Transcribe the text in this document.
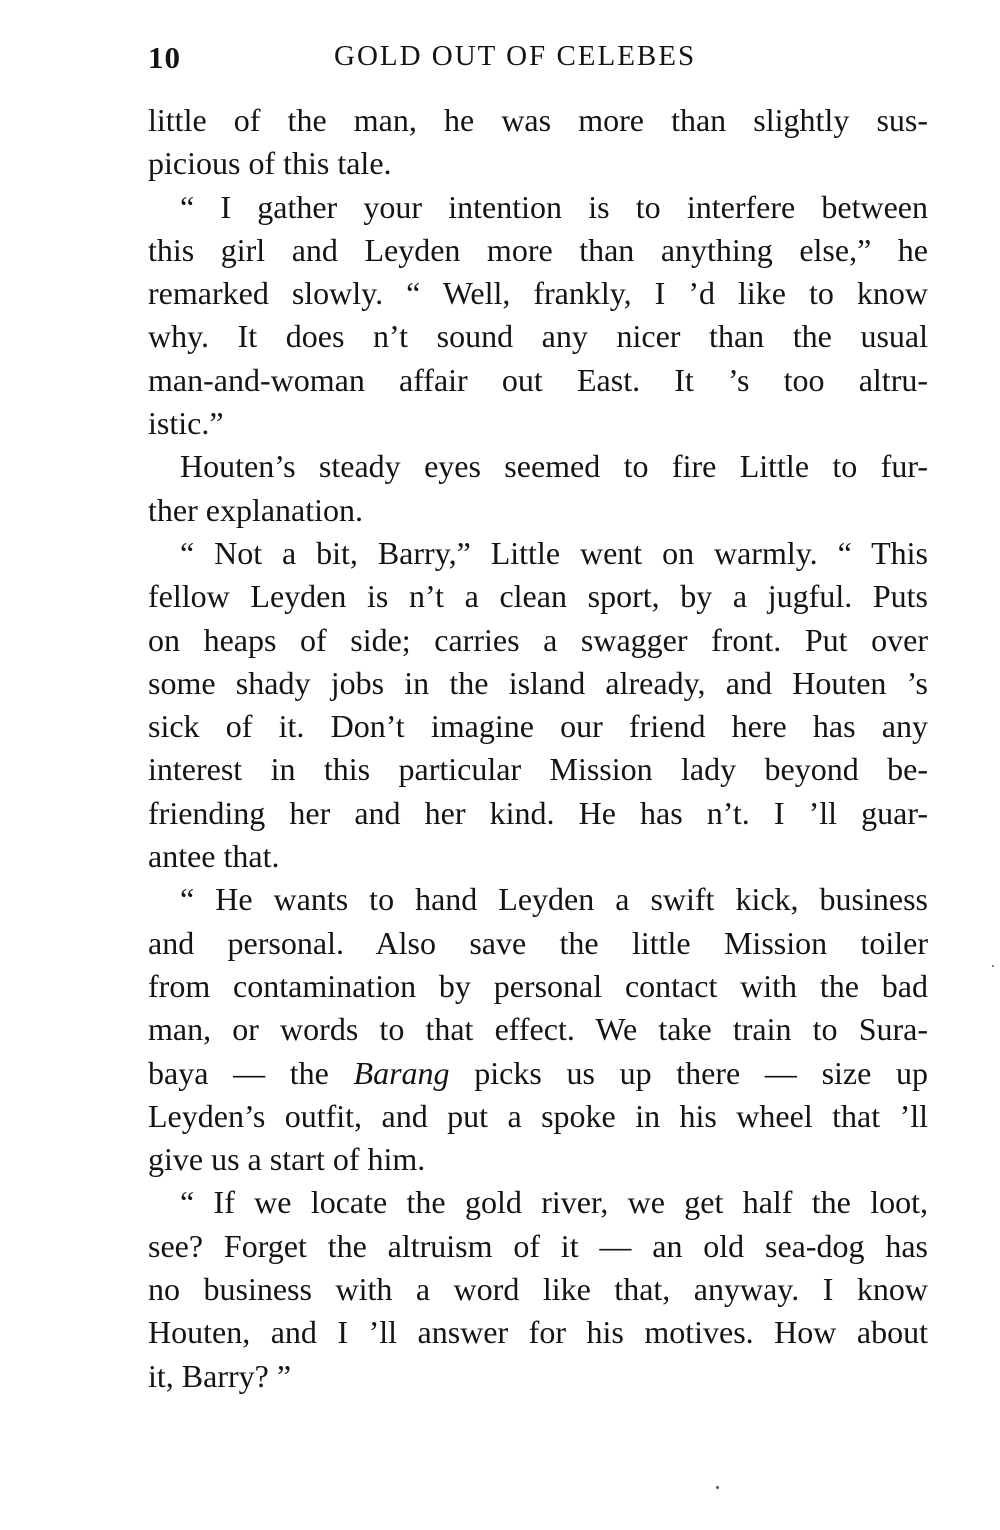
10	GOLD OUT OF CELEBES
little of the man, he was more than slightly sus-
picious of this tale.
“ I gather your intention is to interfere between
this girl and Leyden more than anything else,” he
remarked slowly. “ Well, frankly, I ’d like to know
why. It does n’t sound any nicer than the usual
man-and-woman affair out East. It ’s too altru-
istic.”
Houten’s steady eyes seemed to fire Little to fur-
ther explanation.
“ Not a bit, Barry,” Little went on warmly. “ This
fellow Leyden is n’t a clean sport, by a jugful. Puts
on heaps of side; carries a swagger front. Put over
some shady jobs in the island already, and Houten ’s
sick of it. Don’t imagine our friend here has any
interest in this particular Mission lady beyond be-
friending her and her kind. He has n’t. I ’ll guar-
antee that.
“ He wants to hand Leyden a swift kick, business
and personal. Also save the little Mission toiler
from contamination by personal contact with the bad
man, or words to that effect. We take train to Sura-
baya — the Barang picks us up there — size up
Leyden’s outfit, and put a spoke in his wheel that ’ll
give us a start of him.
“ If we locate the gold river, we get half the loot,
see? Forget the altruism of it — an old sea-dog has
no business with a word like that, anyway. I know
Houten, and I ’ll answer for his motives. How about
it, Barry? ”
